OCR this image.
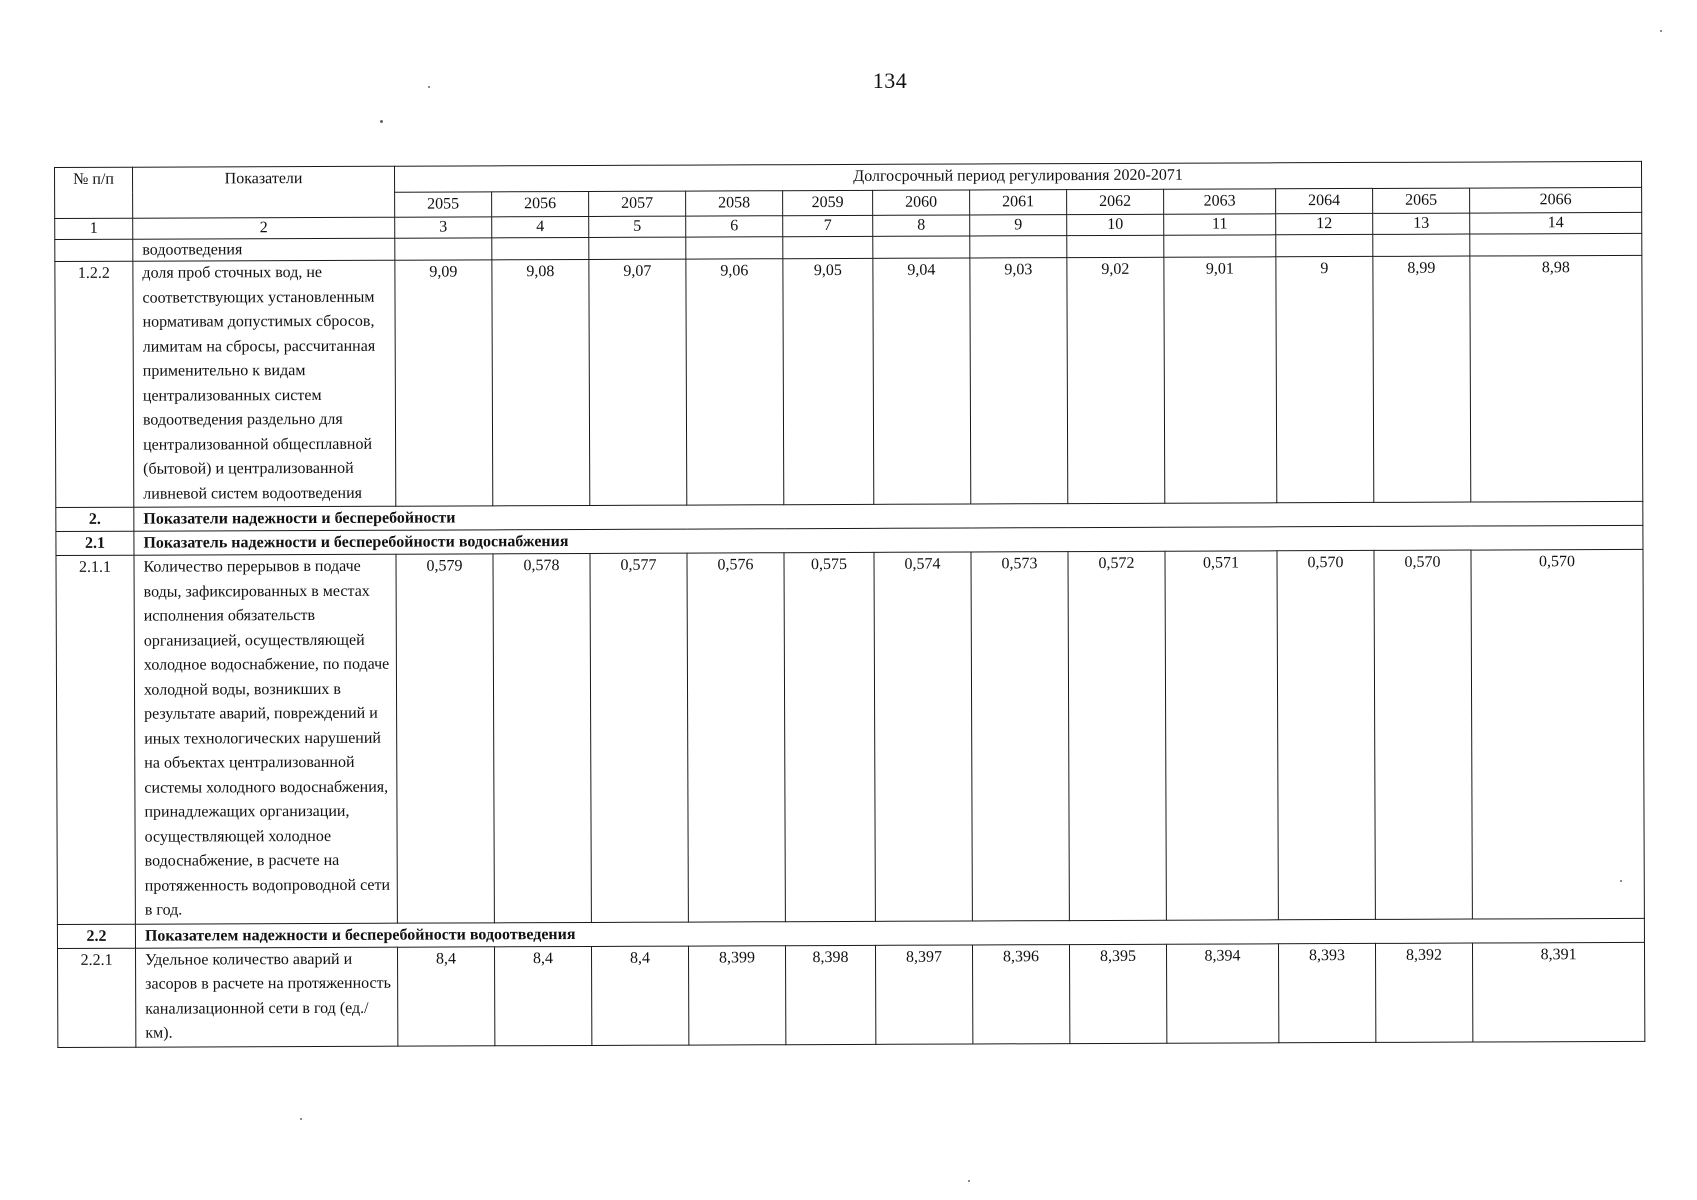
134
№ п/п	Показатели	Долгосрочный период регулирования 2020-2071											
		2055	2056	2057	2058	2059	2060	2061	2062	2063	2064	2065	2066
1	2	3	4	5	6	7	8	9	10	11	12	13	14
	водоотведения												
1.2.2	доля проб сточных вод, не соответствующих установленным нормативам допустимых сбросов, лимитам на сбросы, рассчитанная применительно к видам централизованных систем водоотведения раздельно для централизованной общесплавной (бытовой) и централизованной ливневой систем водоотведения	9,09	9,08	9,07	9,06	9,05	9,04	9,03	9,02	9,01	9	8,99	8,98
2.	Показатели надежности и бесперебойности												
2.1	Показатель надежности и бесперебойности водоснабжения												
2.1.1	Количество перерывов в подаче воды, зафиксированных в местах исполнения обязательств организацией, осуществляющей холодное водоснабжение, по подаче холодной воды, возникших в результате аварий, повреждений и иных технологических нарушений на объектах централизованной системы холодного водоснабжения, принадлежащих организации, осуществляющей холодное водоснабжение, в расчете на протяженность водопроводной сети в год.	0,579	0,578	0,577	0,576	0,575	0,574	0,573	0,572	0,571	0,570	0,570	0,570
2.2	Показателем надежности и бесперебойности водоотведения												
2.2.1	Удельное количество аварий и засоров в расчете на протяженность канализационной сети в год (ед./км).	8,4	8,4	8,4	8,399	8,398	8,397	8,396	8,395	8,394	8,393	8,392	8,391
